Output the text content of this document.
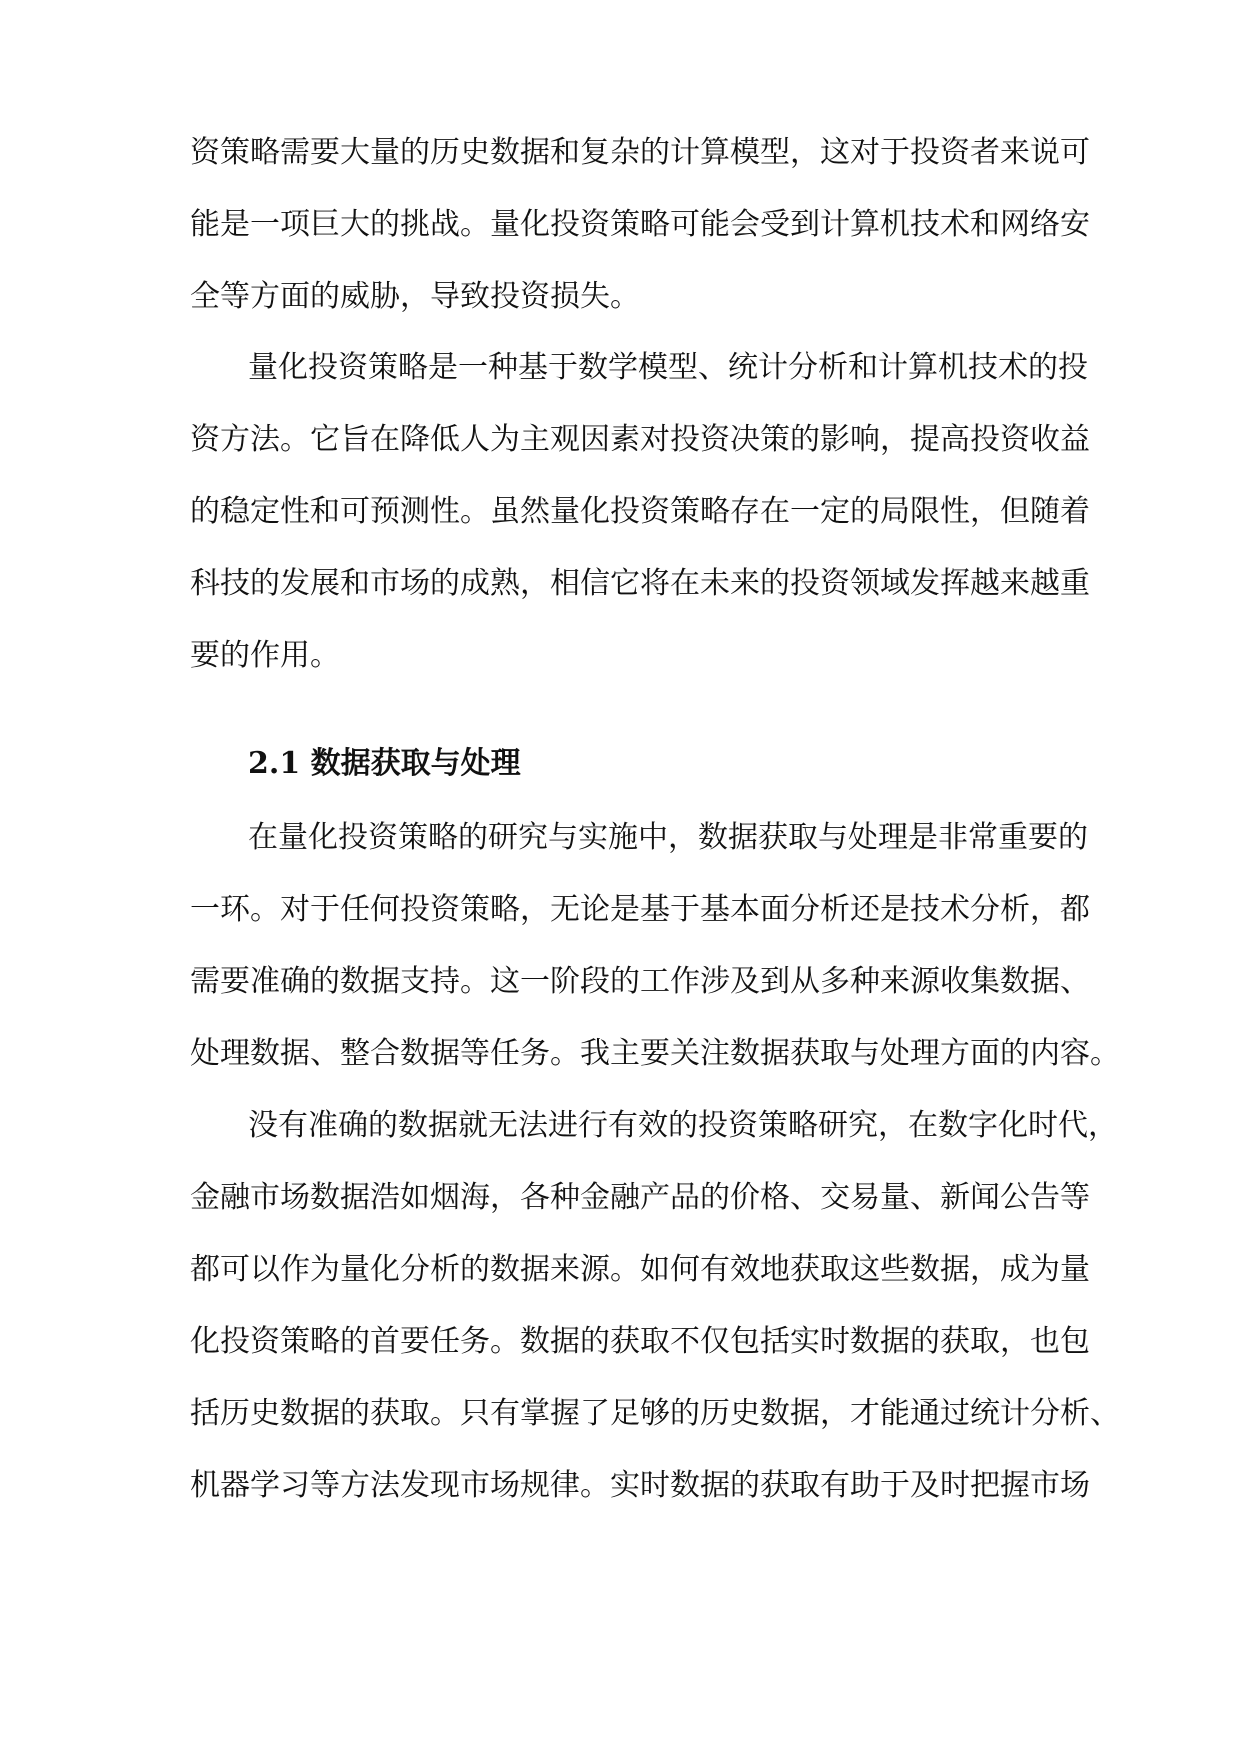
资策略需要大量的历史数据和复杂的计算模型，这对于投资者来说可
能是一项巨大的挑战。量化投资策略可能会受到计算机技术和网络安
全等方面的威胁，导致投资损失。
量化投资策略是一种基于数学模型、统计分析和计算机技术的投
资方法。它旨在降低人为主观因素对投资决策的影响，提高投资收益
的稳定性和可预测性。虽然量化投资策略存在一定的局限性，但随着
科技的发展和市场的成熟，相信它将在未来的投资领域发挥越来越重
要的作用。
2.1 数据获取与处理
在量化投资策略的研究与实施中，数据获取与处理是非常重要的
一环。对于任何投资策略，无论是基于基本面分析还是技术分析，都
需要准确的数据支持。这一阶段的工作涉及到从多种来源收集数据、
处理数据、整合数据等任务。我主要关注数据获取与处理方面的内容。
没有准确的数据就无法进行有效的投资策略研究，在数字化时代，
金融市场数据浩如烟海，各种金融产品的价格、交易量、新闻公告等
都可以作为量化分析的数据来源。如何有效地获取这些数据，成为量
化投资策略的首要任务。数据的获取不仅包括实时数据的获取，也包
括历史数据的获取。只有掌握了足够的历史数据，才能通过统计分析、
机器学习等方法发现市场规律。实时数据的获取有助于及时把握市场
